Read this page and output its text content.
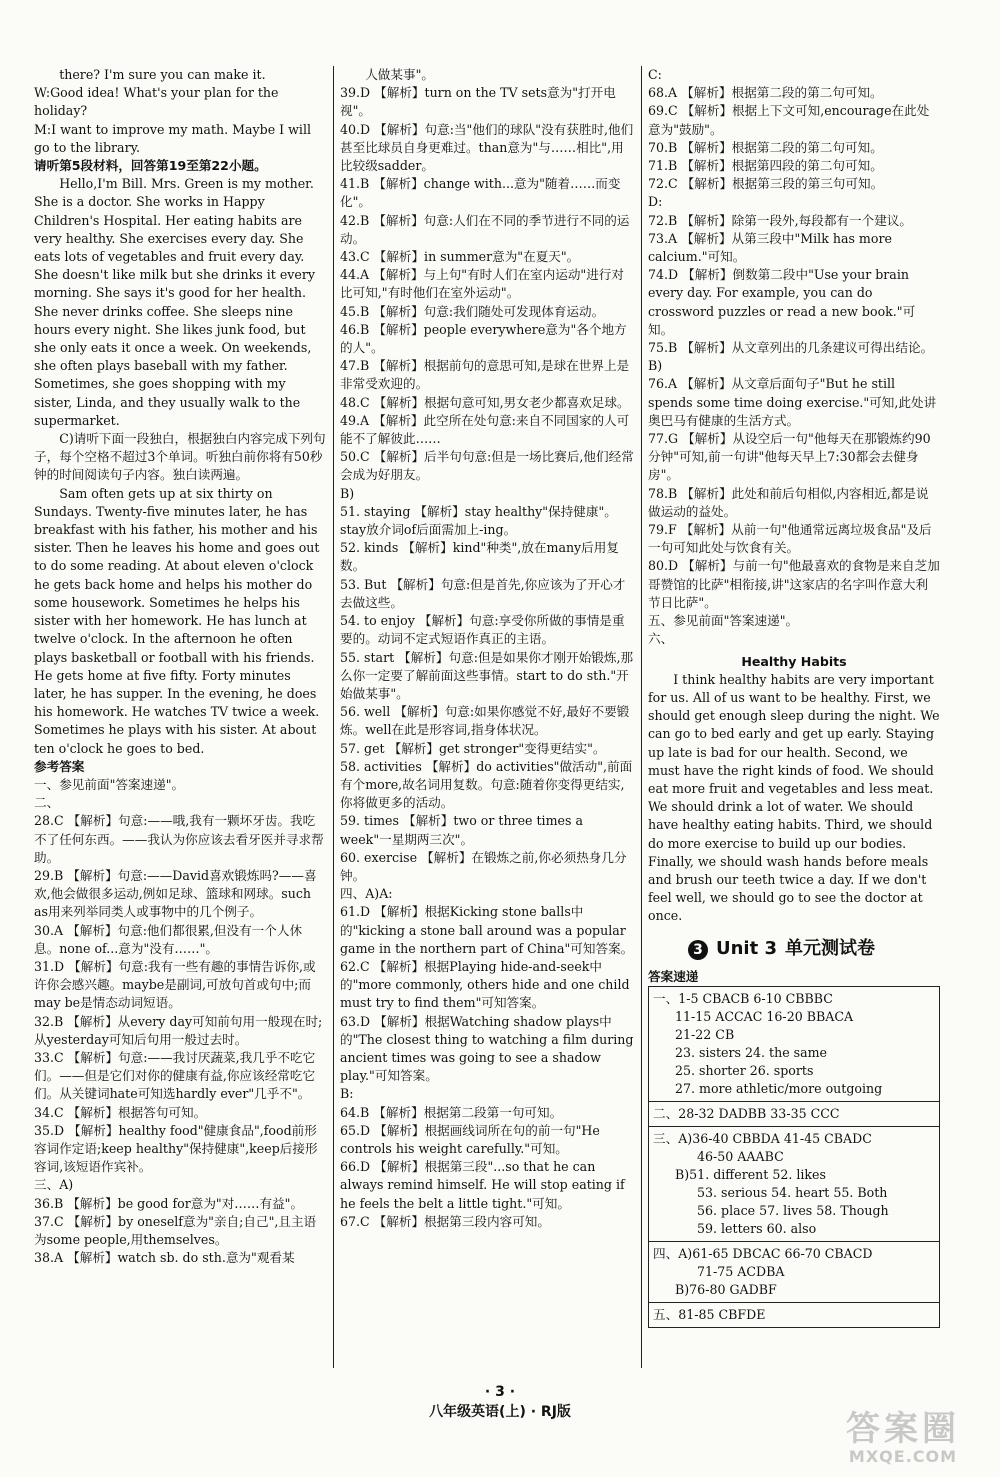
there? I'm sure you can make it.

W:Good idea! What's your plan for the holiday?

M:I want to improve my math. Maybe I will go to the library.

请听第5段材料，回答第19至第22小题。

Hello,I'm Bill. Mrs. Green is my mother. She is a doctor. She works in Happy Children's Hospital. Her eating habits are very healthy. She exercises every day. She eats lots of vegetables and fruit every day. She doesn't like milk but she drinks it every morning. She says it's good for her health. She never drinks coffee. She sleeps nine hours every night. She likes junk food, but she only eats it once a week. On weekends, she often plays baseball with my father. Sometimes, she goes shopping with my sister, Linda, and they usually walk to the supermarket.

C)请听下面一段独白，根据独白内容完成下列句子，每个空格不超过3个单词。听独白前你将有50秒钟的时间阅读句子内容。独白读两遍。

Sam often gets up at six thirty on Sundays. Twenty-five minutes later, he has breakfast with his father, his mother and his sister. Then he leaves his home and goes out to do some reading. At about eleven o'clock he gets back home and helps his mother do some housework. Sometimes he helps his sister with her homework. He has lunch at twelve o'clock. In the afternoon he often plays basketball or football with his friends. He gets home at five fifty. Forty minutes later, he has supper. In the evening, he does his homework. He watches TV twice a week. Sometimes he plays with his sister. At about ten o'clock he goes to bed.

参考答案

一、参见前面"答案速递"。

二、

28.C 【解析】句意:——哦,我有一颗坏牙齿。我吃不了任何东西。——我认为你应该去看牙医并寻求帮助。

29.B 【解析】句意:——David喜欢锻炼吗?——喜欢,他会做很多运动,例如足球、篮球和网球。such as用来列举同类人或事物中的几个例子。

30.A 【解析】句意:他们都很累,但没有一个人休息。none of...意为"没有……"。

31.D 【解析】句意:我有一些有趣的事情告诉你,或许你会感兴趣。maybe是副词,可放句首或句中;而may be是情态动词短语。

32.B 【解析】从every day可知前句用一般现在时;从yesterday可知后句用一般过去时。

33.C 【解析】句意:——我讨厌蔬菜,我几乎不吃它们。——但是它们对你的健康有益,你应该经常吃它们。从关键词hate可知选hardly ever"几乎不"。

34.C 【解析】根据答句可知。

35.D 【解析】healthy food"健康食品",food前形容词作定语;keep healthy"保持健康",keep后接形容词,该短语作宾补。

三、A)

36.B 【解析】be good for意为"对……有益"。

37.C 【解析】by oneself意为"亲自;自己",且主语为some people,用themselves。

38.A 【解析】watch sb. do sth.意为"观看某

人做某事"。

39.D 【解析】turn on the TV sets意为"打开电视"。

40.D 【解析】句意:当"他们的球队"没有获胜时,他们甚至比球员自身更难过。than意为"与……相比",用比较级sadder。

41.B 【解析】change with...意为"随着……而变化"。

42.B 【解析】句意:人们在不同的季节进行不同的运动。

43.C 【解析】in summer意为"在夏天"。

44.A 【解析】与上句"有时人们在室内运动"进行对比可知,"有时他们在室外运动"。

45.B 【解析】句意:我们随处可发现体育运动。

46.B 【解析】people everywhere意为"各个地方的人"。

47.B 【解析】根据前句的意思可知,是球在世界上是非常受欢迎的。

48.C 【解析】根据句意可知,男女老少都喜欢足球。

49.A 【解析】此空所在处句意:来自不同国家的人可能不了解彼此……

50.C 【解析】后半句句意:但是一场比赛后,他们经常会成为好朋友。

B)

51. staying 【解析】stay healthy"保持健康"。stay放介词of后面需加上-ing。

52. kinds 【解析】kind"种类",放在many后用复数。

53. But 【解析】句意:但是首先,你应该为了开心才去做这些。

54. to enjoy 【解析】句意:享受你所做的事情是重要的。动词不定式短语作真正的主语。

55. start 【解析】句意:但是如果你才刚开始锻炼,那么你一定要了解前面这些事情。start to do sth."开始做某事"。

56. well 【解析】句意:如果你感觉不好,最好不要锻炼。well在此是形容词,指身体状况。

57. get 【解析】get stronger"变得更结实"。

58. activities 【解析】do activities"做活动",前面有个more,故名词用复数。句意:随着你变得更结实,你将做更多的活动。

59. times 【解析】two or three times a week"一星期两三次"。

60. exercise 【解析】在锻炼之前,你必须热身几分钟。

四、A)A:

61.D 【解析】根据Kicking stone balls中的"kicking a stone ball around was a popular game in the northern part of China"可知答案。

62.C 【解析】根据Playing hide-and-seek中的"more commonly, others hide and one child must try to find them"可知答案。

63.D 【解析】根据Watching shadow plays中的"The closest thing to watching a film during ancient times was going to see a shadow play."可知答案。

B:

64.B 【解析】根据第二段第一句可知。

65.D 【解析】根据画线词所在句的前一句"He controls his weight carefully."可知。

66.D 【解析】根据第三段"...so that he can always remind himself. He will stop eating if he feels the belt a little tight."可知。

67.C 【解析】根据第三段内容可知。

C:

68.A 【解析】根据第二段的第二句可知。

69.C 【解析】根据上下文可知,encourage在此处意为"鼓励"。

70.B 【解析】根据第二段的第二句可知。

71.B 【解析】根据第四段的第二句可知。

72.C 【解析】根据第三段的第三句可知。

D:

72.B 【解析】除第一段外,每段都有一个建议。

73.A 【解析】从第三段中"Milk has more calcium."可知。

74.D 【解析】倒数第二段中"Use your brain every day. For example, you can do crossword puzzles or read a new book."可知。

75.B 【解析】从文章列出的几条建议可得出结论。

B)

76.A 【解析】从文章后面句子"But he still spends some time doing exercise."可知,此处讲奥巴马有健康的生活方式。

77.G 【解析】从设空后一句"他每天在那锻炼约90分钟"可知,前一句讲"他每天早上7:30都会去健身房"。

78.B 【解析】此处和前后句相似,内容相近,都是说做运动的益处。

79.F 【解析】从前一句"他通常远离垃圾食品"及后一句可知此处与饮食有关。

80.D 【解析】与前一句"他最喜欢的食物是来自芝加哥赞馆的比萨"相衔接,讲"这家店的名字叫作意大利节日比萨"。

五、参见前面"答案速递"。

六、

Healthy Habits

I think healthy habits are very important for us. All of us want to be healthy. First, we should get enough sleep during the night. We can go to bed early and get up early. Staying up late is bad for our health. Second, we must have the right kinds of food. We should eat more fruit and vegetables and less meat. We should drink a lot of water. We should have healthy eating habits. Third, we should do more exercise to build up our bodies. Finally, we should wash hands before meals and brush our teeth twice a day. If we don't feel well, we should go to see the doctor at once.

3 Unit 3 单元测试卷

答案速递

一、1-5 CBACB 6-10 CBBBC
11-15 ACCAC 16-20 BBACA
21-22 CB
23. sisters 24. the same
25. shorter 26. sports
27. more athletic/more outgoing
二、28-32 DADBB 33-35 CCC
三、A)36-40 CBBDA 41-45 CBADC
46-50 AAABC
B)51. different 52. likes
53. serious 54. heart 55. Both
56. place 57. lives 58. Though
59. letters 60. also
四、A)61-65 DBCAC 66-70 CBACD
71-75 ACDBA
B)76-80 GADBF
五、81-85 CBFDE
· 3 ·
八年级英语(上) · RJ版	答案圈
MXQE.COM
